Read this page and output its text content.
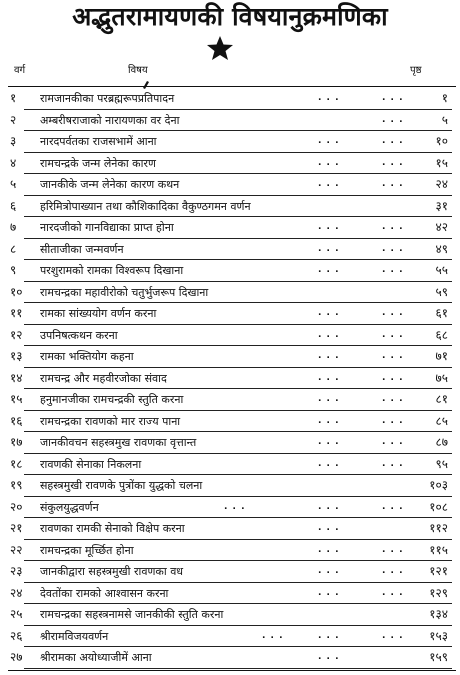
अद्भुतरामायणकी विषयानुक्रमणिका
वर्ग	विषय	पृष्ठ
१ रामजानकीका परब्रह्मरूपप्रतिपादन	. . .	. . .	१
२ अम्बरीषराजाको नारायणका वर देना	. . .	५
३ नारदपर्वतका राजसभामें आना	. . .	. . .	१०
४ रामचन्द्रके जन्म लेनेका कारण	. . .	. . .	१५
५ जानकीके जन्म लेनेका कारण कथन	. . .	. . .	२४
६ हरिमित्रोपाख्यान तथा कौशिकादिका वैकुण्ठगमन वर्णन	३१
७ नारदजीको गानविद्याका प्राप्त होना	. . .	. . .	४२
८ सीताजीका जन्मवर्णन	. . .	. . .	४९
९ परशुरामको रामका विश्वरूप दिखाना	. . .	. . .	५५
१० रामचन्द्रका महावीरोको चतुर्भुजरूप दिखाना	५९
११ रामका सांख्ययोग वर्णन करना	. . .	. . .	६१
१२ उपनिषत्कथन करना	. . .	. . .	६८
१३ रामका भक्तियोग कहना	. . .	. . .	७१
१४ रामचन्द्र और महवीरजोका संवाद	. . .	. . .	७५
१५ हनुमानजीका रामचन्द्रकी स्तुति करना	. . .	. . .	८१
१६ रामचन्द्रका रावणको मार राज्य पाना	. . .	. . .	८५
१७ जानकीवचन सहस्त्रमुख रावणका वृत्तान्त	. . .	. . .	८७
१८ रावणकी सेनाका निकलना	. . .	. . .	९५
१९ सहस्त्रमुखी रावणके पुत्रोंका युद्धको चलना	१०३
२० संकुलयुद्धवर्णन	. . .	. . .	. . . १०८
२१ रावणका रामकी सेनाको विक्षेप करना	. . .	११२
२२ रामचन्द्रका मूर्च्छित होना	. . .	. . . ११५
२३ जानकीद्वारा सहस्त्रमुखी रावणका वध	. . .	. . . १२१
२४ देवतोंका रामको आश्वासन करना	. . .	. . . १२९
२५ रामचन्द्रका सहस्त्रनामसे जानकीकी स्तुति करना	१३४
२६ श्रीरामविजयवर्णन	. . .	. . .	. . . १५३
२७ श्रीरामका अयोध्याजीमें आना	. . .	१५९
